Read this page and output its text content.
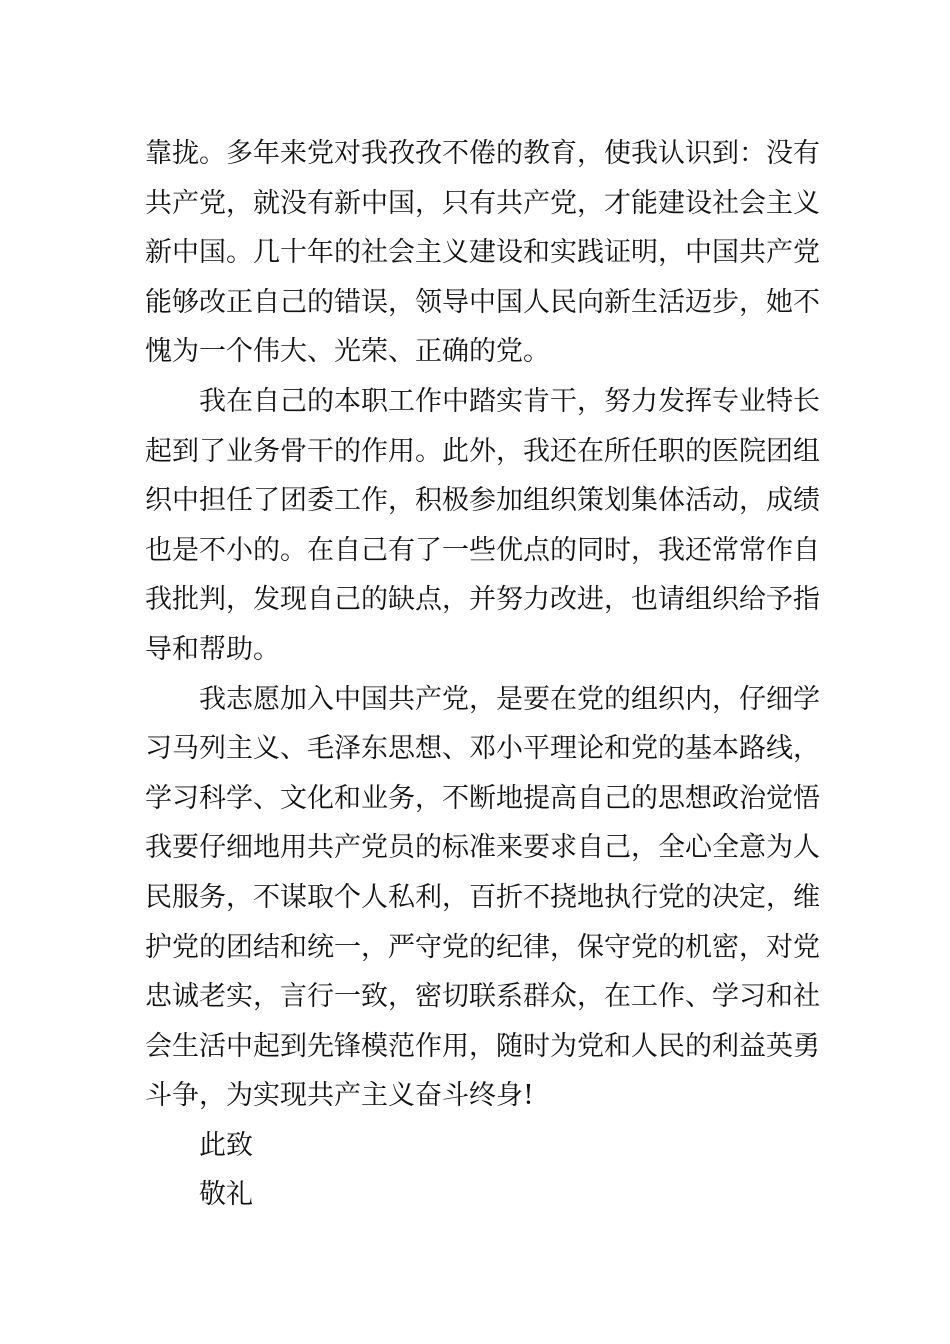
靠拢。多年来党对我孜孜不倦的教育，使我认识到：没有
共产党，就没有新中国，只有共产党，才能建设社会主义
新中国。几十年的社会主义建设和实践证明，中国共产党
能够改正自己的错误，领导中国人民向新生活迈步，她不
愧为一个伟大、光荣、正确的党。
我在自己的本职工作中踏实肯干，努力发挥专业特长
起到了业务骨干的作用。此外，我还在所任职的医院团组
织中担任了团委工作，积极参加组织策划集体活动，成绩
也是不小的。在自己有了一些优点的同时，我还常常作自
我批判，发现自己的缺点，并努力改进，也请组织给予指
导和帮助。
我志愿加入中国共产党，是要在党的组织内，仔细学
习马列主义、毛泽东思想、邓小平理论和党的基本路线，
学习科学、文化和业务，不断地提高自己的思想政治觉悟
我要仔细地用共产党员的标准来要求自己，全心全意为人
民服务，不谋取个人私利，百折不挠地执行党的决定，维
护党的团结和统一，严守党的纪律，保守党的机密，对党
忠诚老实，言行一致，密切联系群众，在工作、学习和社
会生活中起到先锋模范作用，随时为党和人民的利益英勇
斗争，为实现共产主义奋斗终身!
此致
敬礼
